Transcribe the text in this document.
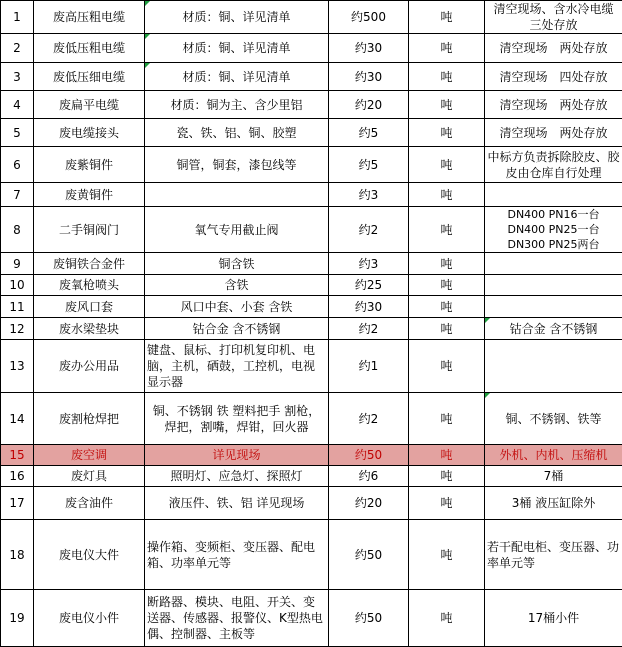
1	废高压粗电缆	材质：铜、详见清单	约500	吨	清空现场、含水冷电缆 三处存放
2	废低压粗电缆	材质：铜、详见清单	约30	吨	清空现场　两处存放
3	废低压细电缆	材质：铜、详见清单	约30	吨	清空现场　四处存放
4	废扁平电缆	材质：铜为主、含少里铝	约20	吨	清空现场　两处存放
5	废电缆接头	瓷、铁、铝、铜、胶塑	约5	吨	清空现场　两处存放
6	废紫铜件	铜管，铜套，漆包线等	约5	吨	中标方负责拆除胶皮、胶皮由仓库自行处理
7	废黄铜件		约3	吨	
8	二手铜阀门	氧气专用截止阀	约2	吨	DN400 PN16一台 DN400 PN25一台 DN300 PN25两台
9	废铜铁合金件	铜含铁	约3	吨	
10	废氧枪喷头	含铁	约25	吨	
11	废风口套	风口中套、小套 含铁	约30	吨	
12	废水梁垫块	钴合金 含不锈钢	约2	吨	钴合金 含不锈钢
13	废办公用品	键盘、鼠标、打印机复印机、电脑，主机，硒鼓，工控机，电视显示器	约1	吨	
14	废割枪焊把	铜、不锈钢 铁 塑料把手 割枪，焊把，割嘴，焊钳，回火器	约2	吨	铜、不锈钢、铁等
15	废空调	详见现场	约50	吨	外机、内机、压缩机
16	废灯具	照明灯、应急灯、探照灯	约6	吨	7桶
17	废含油件	液压件、铁、铝 详见现场	约20	吨	3桶 液压缸除外
18	废电仪大件	操作箱、变频柜、变压器、配电箱、功率单元等	约50	吨	若干配电柜、变压器、功率单元等
19	废电仪小件	断路器、模块、电阻、开关、变送器、传感器、报警仪、K型热电偶、控制器、主板等	约50	吨	17桶小件
